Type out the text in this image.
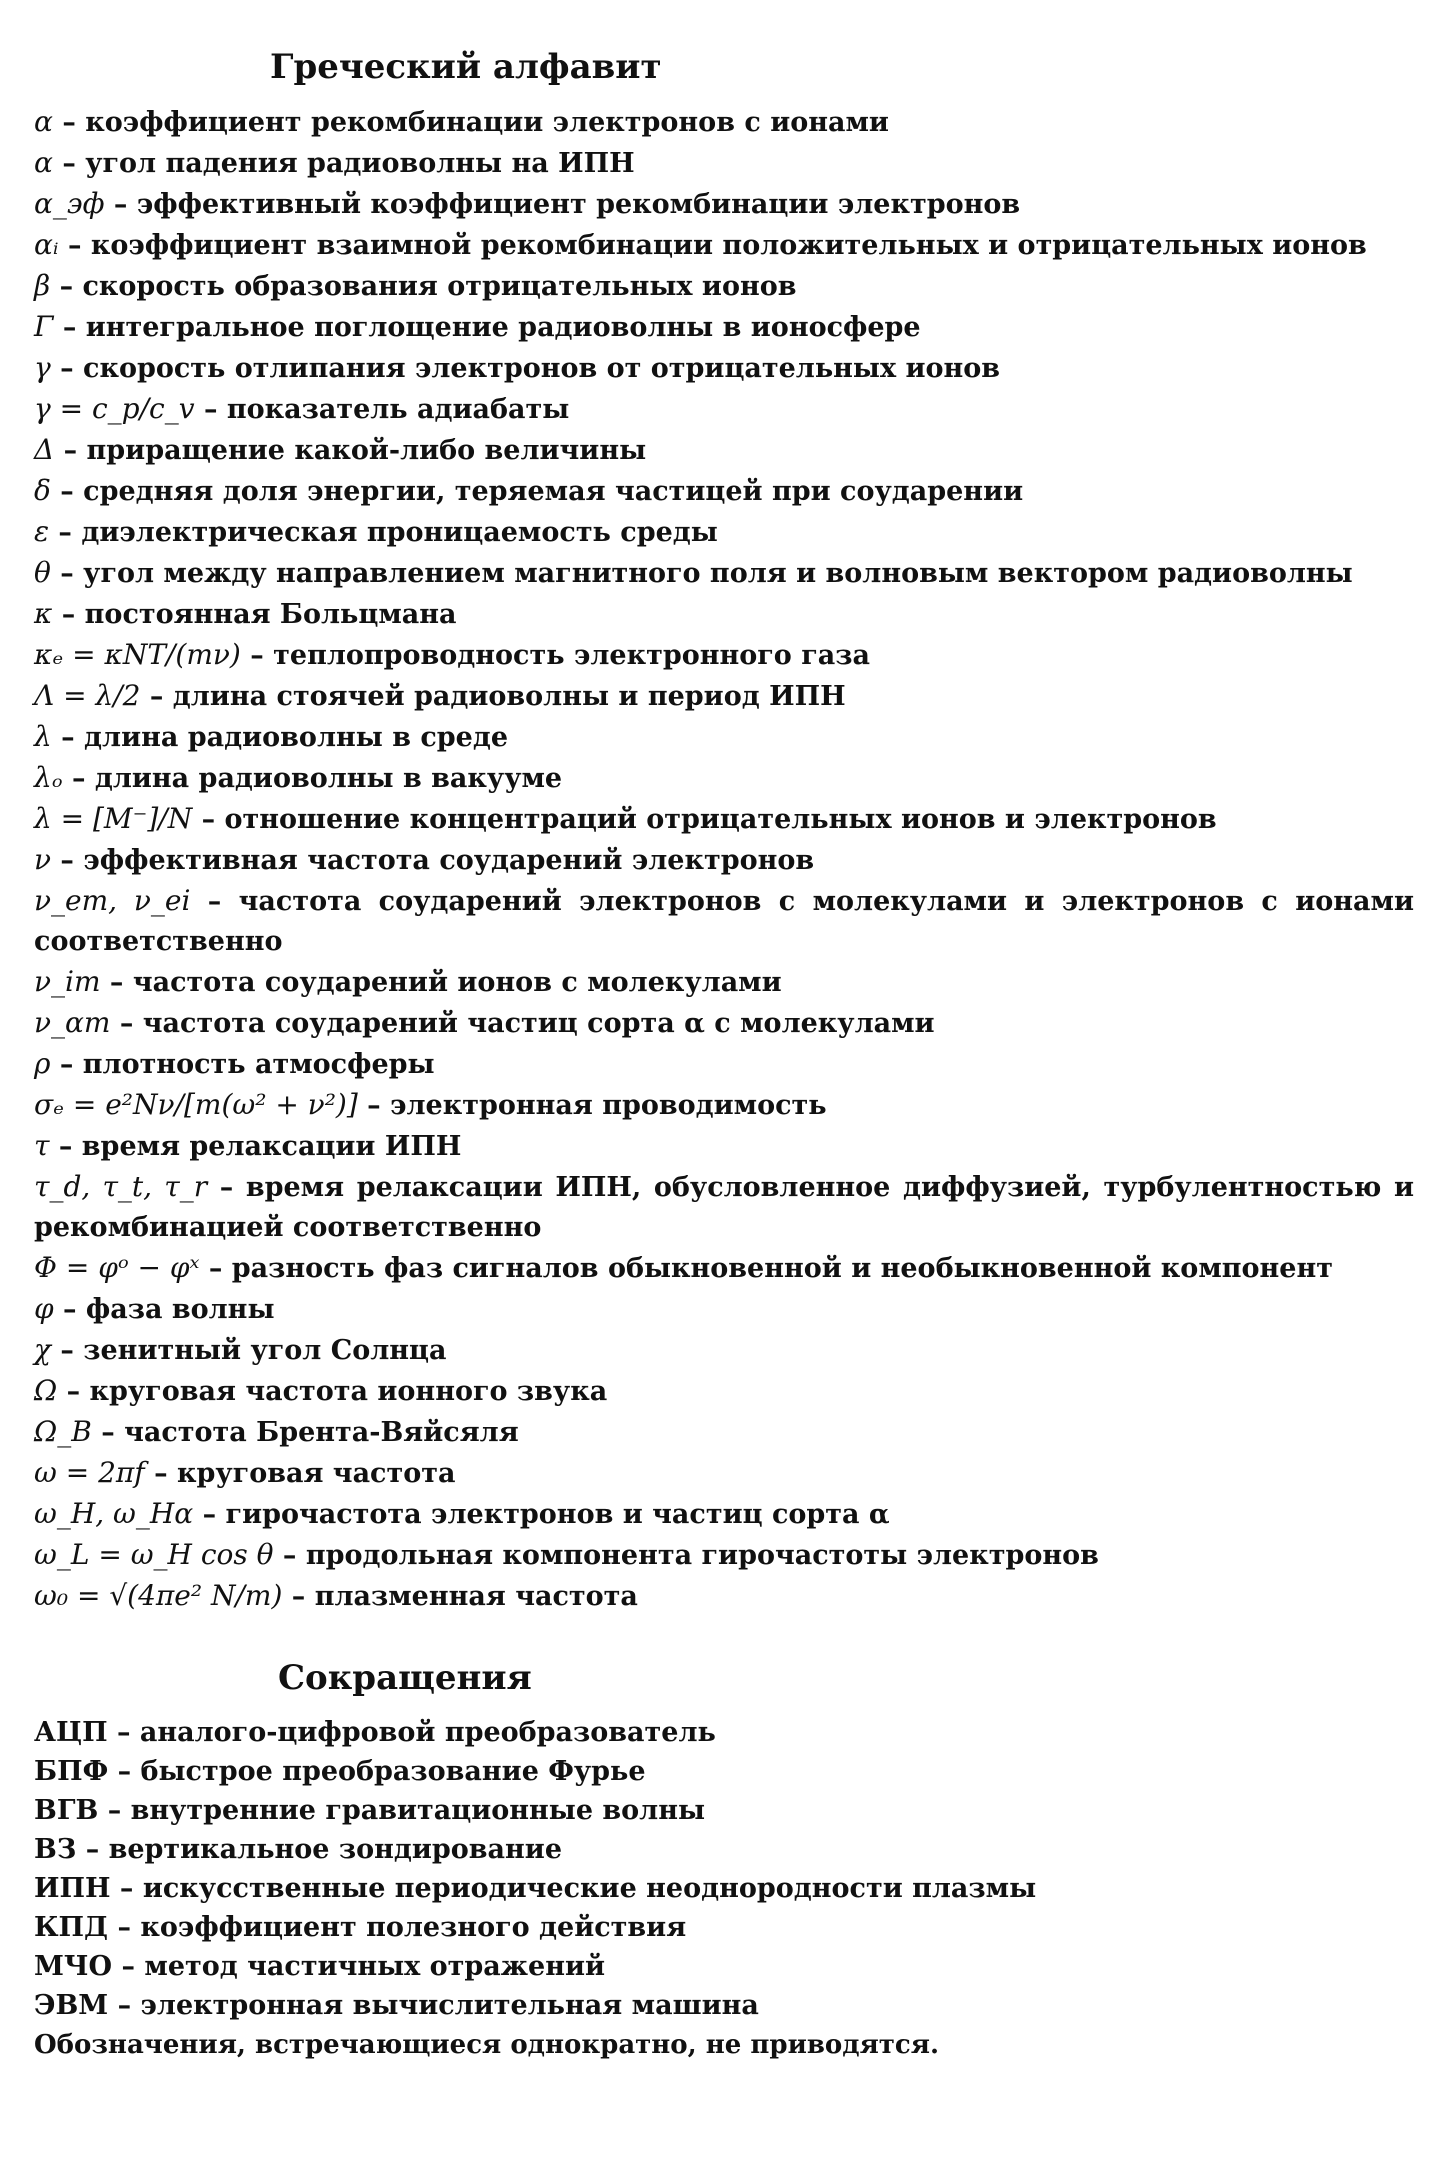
Греческий алфавит
α – коэффициент рекомбинации электронов с ионами
α – угол падения радиоволны на ИПН
α_эф – эффективный коэффициент рекомбинации электронов
αᵢ – коэффициент взаимной рекомбинации положительных и отрицательных ионов
β – скорость образования отрицательных ионов
Γ – интегральное поглощение радиоволны в ионосфере
γ – скорость отлипания электронов от отрицательных ионов
γ = c_p/c_v – показатель адиабаты
Δ – приращение какой-либо величины
δ – средняя доля энергии, теряемая частицей при соударении
ε – диэлектрическая проницаемость среды
θ – угол между направлением магнитного поля и волновым вектором радиоволны
κ – постоянная Больцмана
κₑ = κNT/(mν) – теплопроводность электронного газа
Λ = λ/2 – длина стоячей радиоволны и период ИПН
λ – длина радиоволны в среде
λₒ – длина радиоволны в вакууме
λ = [M⁻]/N – отношение концентраций отрицательных ионов и электронов
ν – эффективная частота соударений электронов
ν_em, ν_ei – частота соударений электронов с молекулами и электронов с ионами соответственно
ν_im – частота соударений ионов с молекулами
ν_αm – частота соударений частиц сорта α с молекулами
ρ – плотность атмосферы
σₑ = e²Nν/[m(ω² + ν²)] – электронная проводимость
τ – время релаксации ИПН
τ_d, τ_t, τ_r – время релаксации ИПН, обусловленное диффузией, турбулентностью и рекомбинацией соответственно
Φ = φᵒ − φˣ – разность фаз сигналов обыкновенной и необыкновенной компонент
φ – фаза волны
χ – зенитный угол Солнца
Ω – круговая частота ионного звука
Ω_B – частота Брента-Вяйсяля
ω = 2πf – круговая частота
ω_H, ω_Hα – гирочастота электронов и частиц сорта α
ω_L = ω_H cos θ – продольная компонента гирочастоты электронов
ω₀ = √(4πe² N/m) – плазменная частота
Сокращения
АЦП – аналого-цифровой преобразователь
БПФ – быстрое преобразование Фурье
ВГВ – внутренние гравитационные волны
ВЗ – вертикальное зондирование
ИПН – искусственные периодические неоднородности плазмы
КПД – коэффициент полезного действия
МЧО – метод частичных отражений
ЭВМ – электронная вычислительная машина

Обозначения, встречающиеся однократно, не приводятся.
